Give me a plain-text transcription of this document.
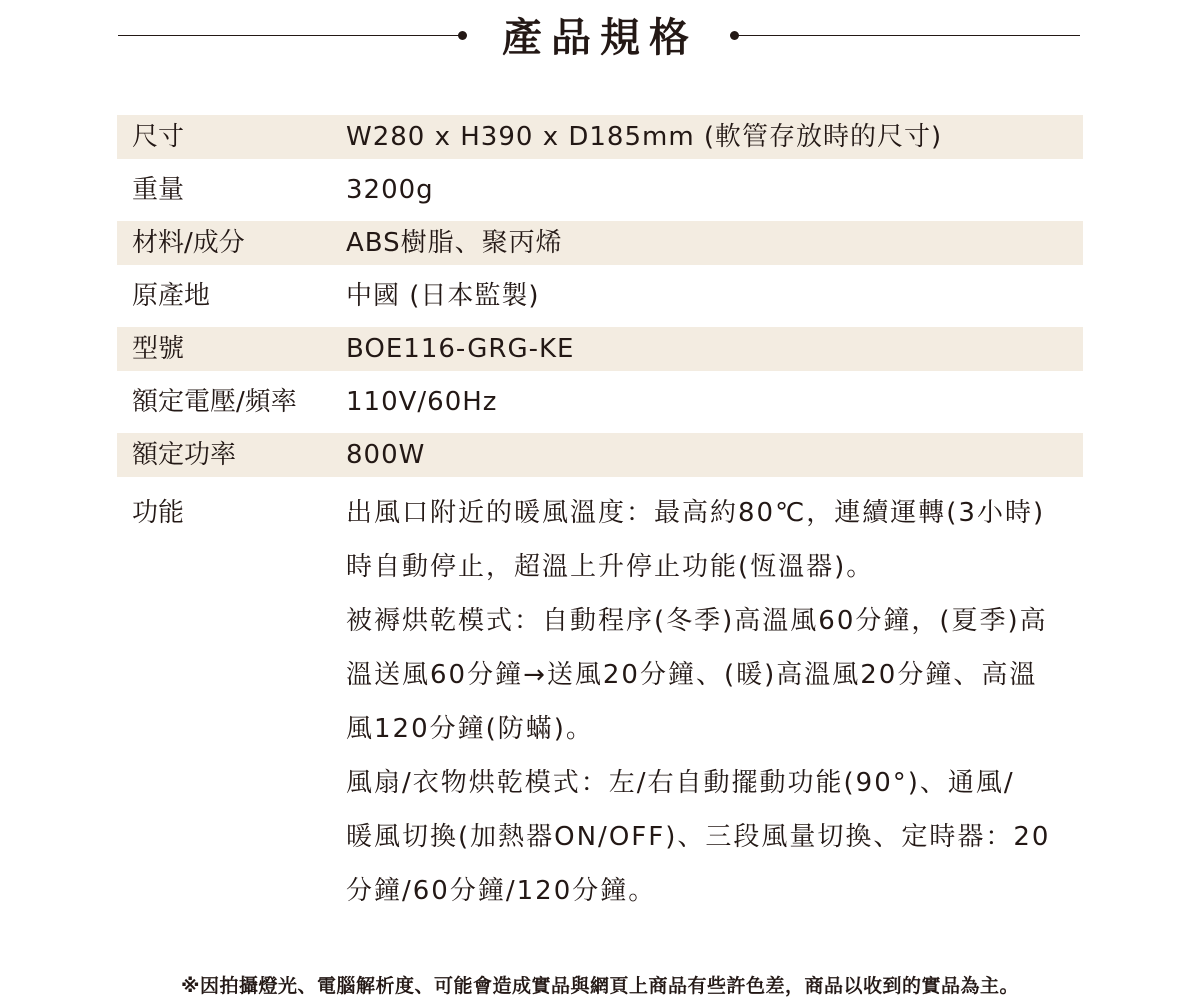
產品規格
尺寸	W280 x H390 x D185mm (軟管存放時的尺寸)
重量	3200g
材料/成分	ABS樹脂、聚丙烯
原產地	中國 (日本監製)
型號	BOE116-GRG-KE
額定電壓/頻率 110V/60Hz
額定功率	800W
功能	出風口附近的暖風溫度：最高約80℃，連續運轉(3小時)
時自動停止，超溫上升停止功能(恆溫器)。
被褥烘乾模式：自動程序(冬季)高溫風60分鐘，(夏季)高
溫送風60分鐘→送風20分鐘、(暖)高溫風20分鐘、高溫
風120分鐘(防蟎)。
風扇/衣物烘乾模式：左/右自動擺動功能(90°)、通風/
暖風切換(加熱器ON/OFF)、三段風量切換、定時器：20
分鐘/60分鐘/120分鐘。
※因拍攝燈光、電腦解析度、可能會造成實品與網頁上商品有些許色差，商品以收到的實品為主。
